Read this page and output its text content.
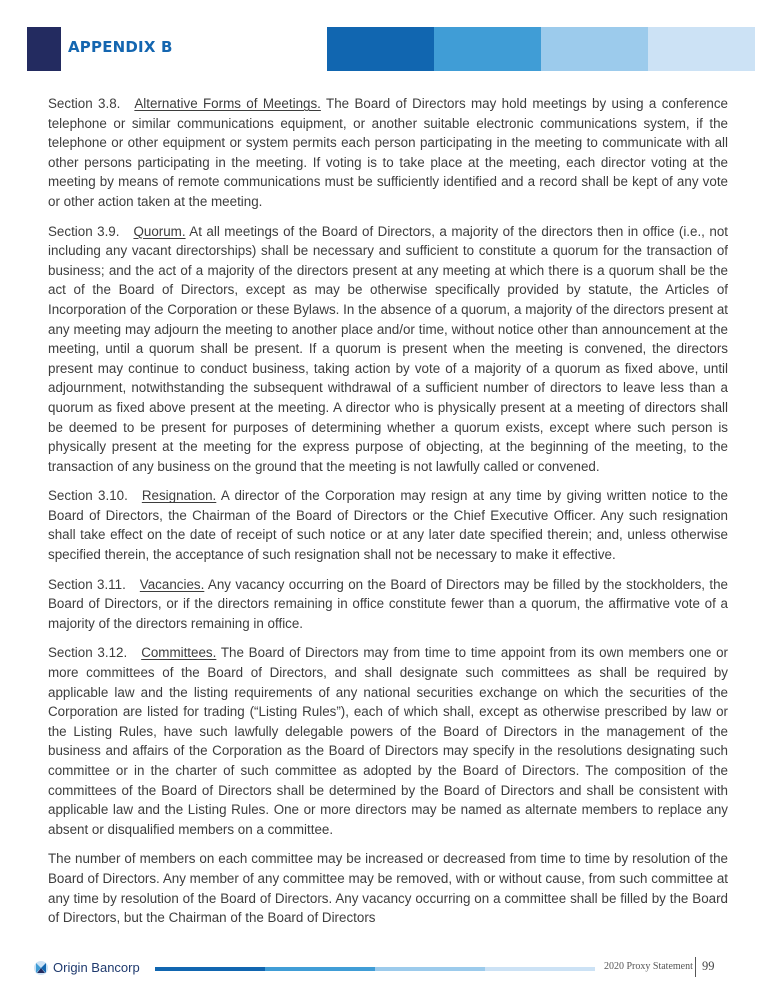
APPENDIX B

Section 3.8. Alternative Forms of Meetings. The Board of Directors may hold meetings by using a conference telephone or similar communications equipment, or another suitable electronic communications system, if the telephone or other equipment or system permits each person participating in the meeting to communicate with all other persons participating in the meeting. If voting is to take place at the meeting, each director voting at the meeting by means of remote communications must be sufficiently identified and a record shall be kept of any vote or other action taken at the meeting.

Section 3.9. Quorum. At all meetings of the Board of Directors, a majority of the directors then in office (i.e., not including any vacant directorships) shall be necessary and sufficient to constitute a quorum for the transaction of business; and the act of a majority of the directors present at any meeting at which there is a quorum shall be the act of the Board of Directors, except as may be otherwise specifically provided by statute, the Articles of Incorporation of the Corporation or these Bylaws. In the absence of a quorum, a majority of the directors present at any meeting may adjourn the meeting to another place and/or time, without notice other than announcement at the meeting, until a quorum shall be present. If a quorum is present when the meeting is convened, the directors present may continue to conduct business, taking action by vote of a majority of a quorum as fixed above, until adjournment, notwithstanding the subsequent withdrawal of a sufficient number of directors to leave less than a quorum as fixed above present at the meeting. A director who is physically present at a meeting of directors shall be deemed to be present for purposes of determining whether a quorum exists, except where such person is physically present at the meeting for the express purpose of objecting, at the beginning of the meeting, to the transaction of any business on the ground that the meeting is not lawfully called or convened.

Section 3.10. Resignation. A director of the Corporation may resign at any time by giving written notice to the Board of Directors, the Chairman of the Board of Directors or the Chief Executive Officer. Any such resignation shall take effect on the date of receipt of such notice or at any later date specified therein; and, unless otherwise specified therein, the acceptance of such resignation shall not be necessary to make it effective.

Section 3.11. Vacancies. Any vacancy occurring on the Board of Directors may be filled by the stockholders, the Board of Directors, or if the directors remaining in office constitute fewer than a quorum, the affirmative vote of a majority of the directors remaining in office.

Section 3.12. Committees. The Board of Directors may from time to time appoint from its own members one or more committees of the Board of Directors, and shall designate such committees as shall be required by applicable law and the listing requirements of any national securities exchange on which the securities of the Corporation are listed for trading (“Listing Rules”), each of which shall, except as otherwise prescribed by law or the Listing Rules, have such lawfully delegable powers of the Board of Directors in the management of the business and affairs of the Corporation as the Board of Directors may specify in the resolutions designating such committee or in the charter of such committee as adopted by the Board of Directors. The composition of the committees of the Board of Directors shall be determined by the Board of Directors and shall be consistent with applicable law and the Listing Rules. One or more directors may be named as alternate members to replace any absent or disqualified members on a committee.

The number of members on each committee may be increased or decreased from time to time by resolution of the Board of Directors. Any member of any committee may be removed, with or without cause, from such committee at any time by resolution of the Board of Directors. Any vacancy occurring on a committee shall be filled by the Board of Directors, but the Chairman of the Board of Directors

Origin Bancorp	2020 Proxy Statement 99
